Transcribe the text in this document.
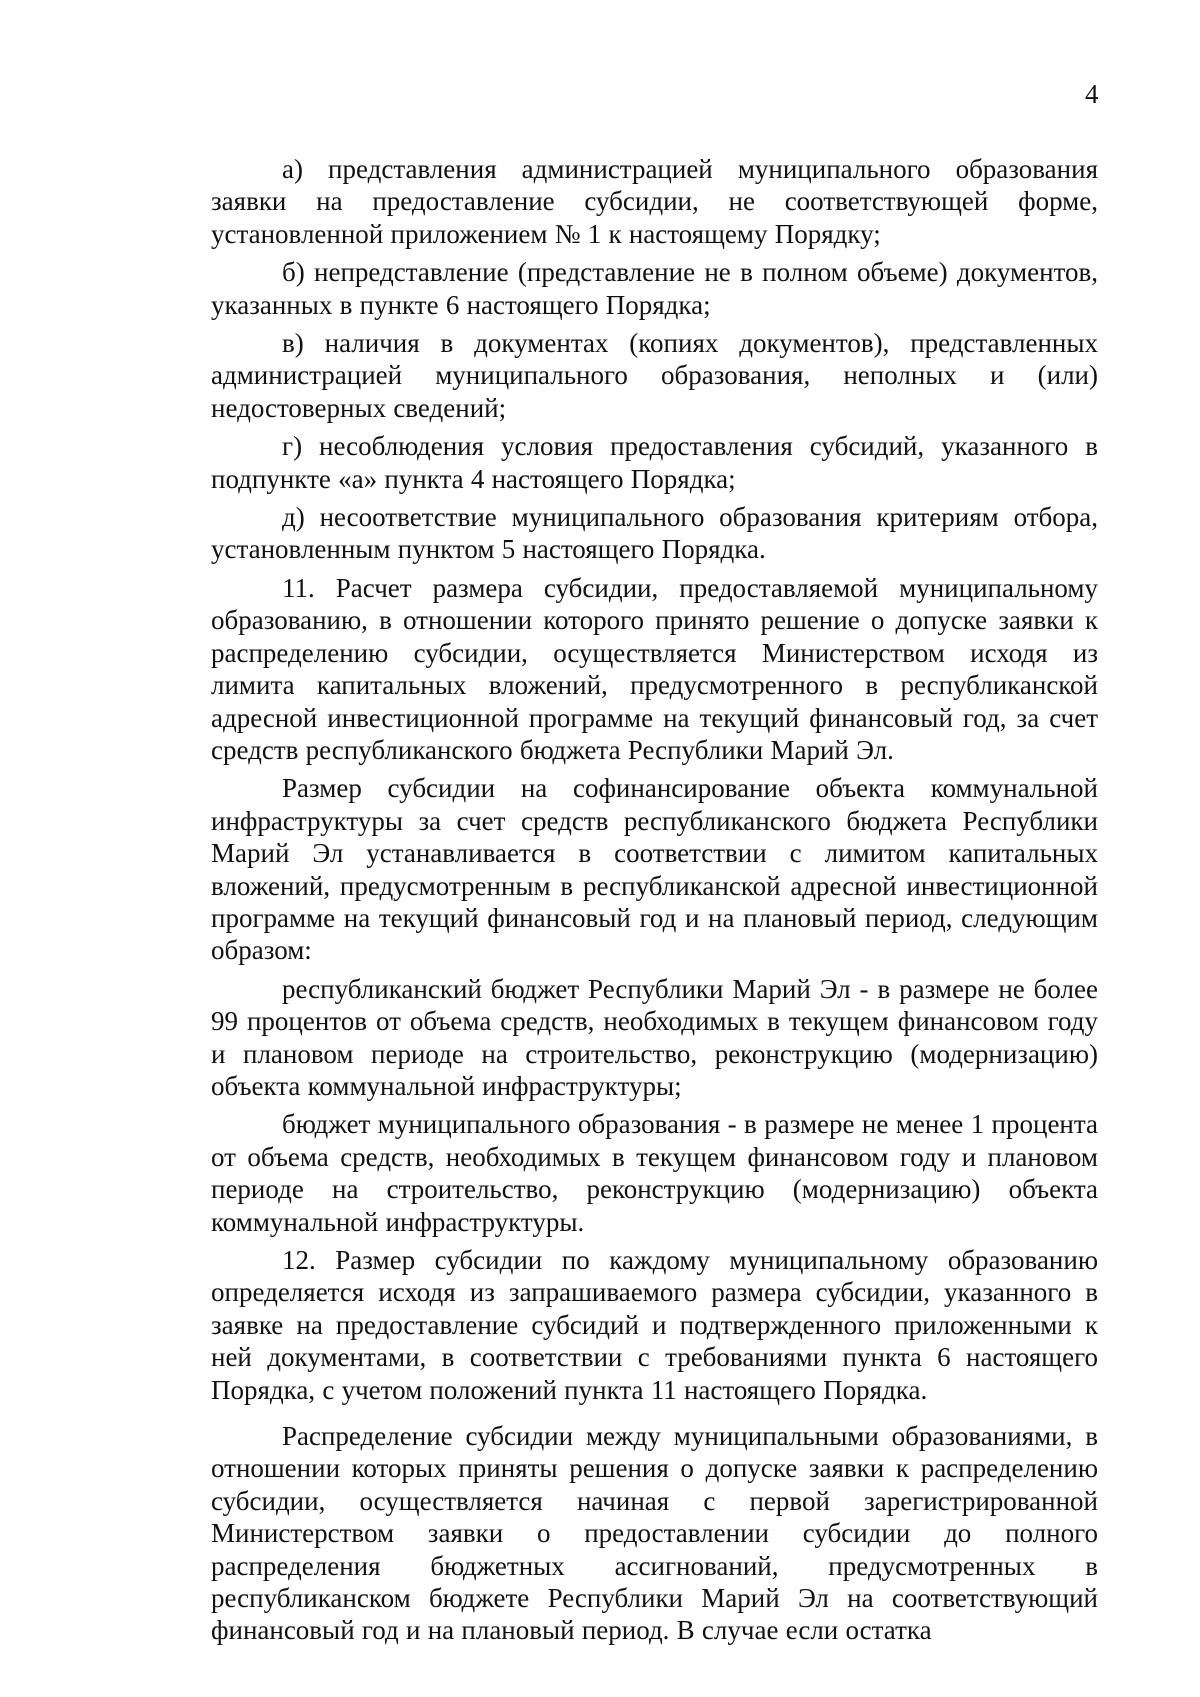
4

а) представления администрацией муниципального образования заявки на предоставление субсидии, не соответствующей форме, установленной приложением № 1 к настоящему Порядку;

б) непредставление (представление не в полном объеме) документов, указанных в пункте 6 настоящего Порядка;

в) наличия в документах (копиях документов), представленных администрацией муниципального образования, неполных и (или) недостоверных сведений;

г) несоблюдения условия предоставления субсидий, указанного в подпункте «а» пункта 4 настоящего Порядка;

д) несоответствие муниципального образования критериям отбора, установленным пунктом 5 настоящего Порядка.

11. Расчет размера субсидии, предоставляемой муниципальному образованию, в отношении которого принято решение о допуске заявки к распределению субсидии, осуществляется Министерством исходя из лимита капитальных вложений, предусмотренного в республиканской адресной инвестиционной программе на текущий финансовый год, за счет средств республиканского бюджета Республики Марий Эл.

Размер субсидии на софинансирование объекта коммунальной инфраструктуры за счет средств республиканского бюджета Республики Марий Эл устанавливается в соответствии с лимитом капитальных вложений, предусмотренным в республиканской адресной инвестиционной программе на текущий финансовый год и на плановый период, следующим образом:

республиканский бюджет Республики Марий Эл - в размере не более 99 процентов от объема средств, необходимых в текущем финансовом году и плановом периоде на строительство, реконструкцию (модернизацию) объекта коммунальной инфраструктуры;

бюджет муниципального образования - в размере не менее 1 процента от объема средств, необходимых в текущем финансовом году и плановом периоде на строительство, реконструкцию (модернизацию) объекта коммунальной инфраструктуры.

12. Размер субсидии по каждому муниципальному образованию определяется исходя из запрашиваемого размера субсидии, указанного в заявке на предоставление субсидий и подтвержденного приложенными к ней документами, в соответствии с требованиями пункта 6 настоящего Порядка, с учетом положений пункта 11 настоящего Порядка.

Распределение субсидии между муниципальными образованиями, в отношении которых приняты решения о допуске заявки к распределению субсидии, осуществляется начиная с первой зарегистрированной Министерством заявки о предоставлении субсидии до полного распределения бюджетных ассигнований, предусмотренных в республиканском бюджете Республики Марий Эл на соответствующий финансовый год и на плановый период. В случае если остатка
